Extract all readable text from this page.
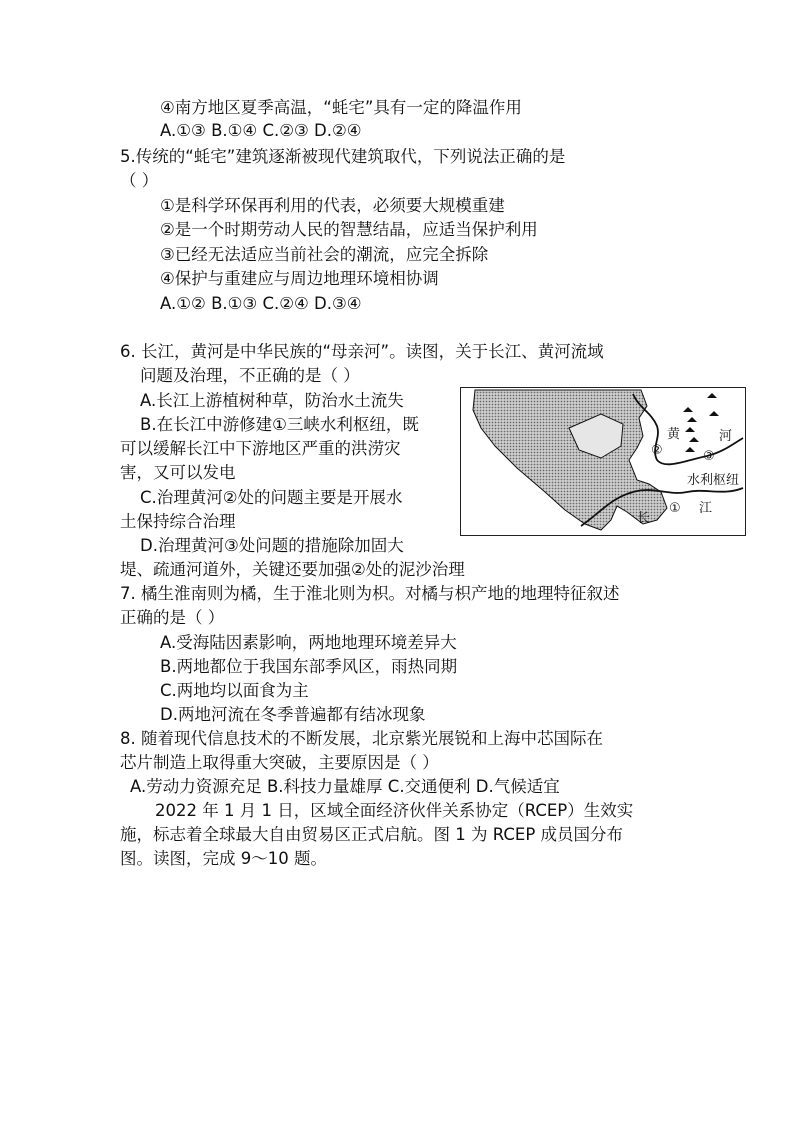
④南方地区夏季高温，“蚝宅”具有一定的降温作用
A.①③ B.①④ C.②③ D.②④
5.传统的“蚝宅”建筑逐渐被现代建筑取代，下列说法正确的是
（ ）
①是科学环保再利用的代表，必须要大规模重建
②是一个时期劳动人民的智慧结晶，应适当保护利用
③已经无法适应当前社会的潮流，应完全拆除
④保护与重建应与周边地理环境相协调
A.①② B.①③ C.②④ D.③④
6. 长江，黄河是中华民族的“母亲河”。读图，关于长江、黄河流域
问题及治理，不正确的是（ ）
A.长江上游植树种草，防治水土流失
B.在长江中游修建①三峡水利枢纽，既
可以缓解长江中下游地区严重的洪涝灾
害，又可以发电
C.治理黄河②处的问题主要是开展水
土保持综合治理
D.治理黄河③处问题的措施除加固大
堤、疏通河道外，关键还要加强②处的泥沙治理
7. 橘生淮南则为橘，生于淮北则为枳。对橘与枳产地的地理特征叙述
正确的是（ ）
A.受海陆因素影响，两地地理环境差异大
B.两地都位于我国东部季风区，雨热同期
C.两地均以面食为主
D.两地河流在冬季普遍都有结冰现象
8. 随着现代信息技术的不断发展，北京紫光展锐和上海中芯国际在
芯片制造上取得重大突破，主要原因是（ ）
A.劳动力资源充足 B.科技力量雄厚 C.交通便利 D.气候适宜
2022 年 1 月 1 日，区域全面经济伙伴关系协定（RCEP）生效实
施，标志着全球最大自由贸易区正式启航。图 1 为 RCEP 成员国分布
图。读图，完成 9～10 题。
黄	河
②	③
水利枢纽
长
① 江
